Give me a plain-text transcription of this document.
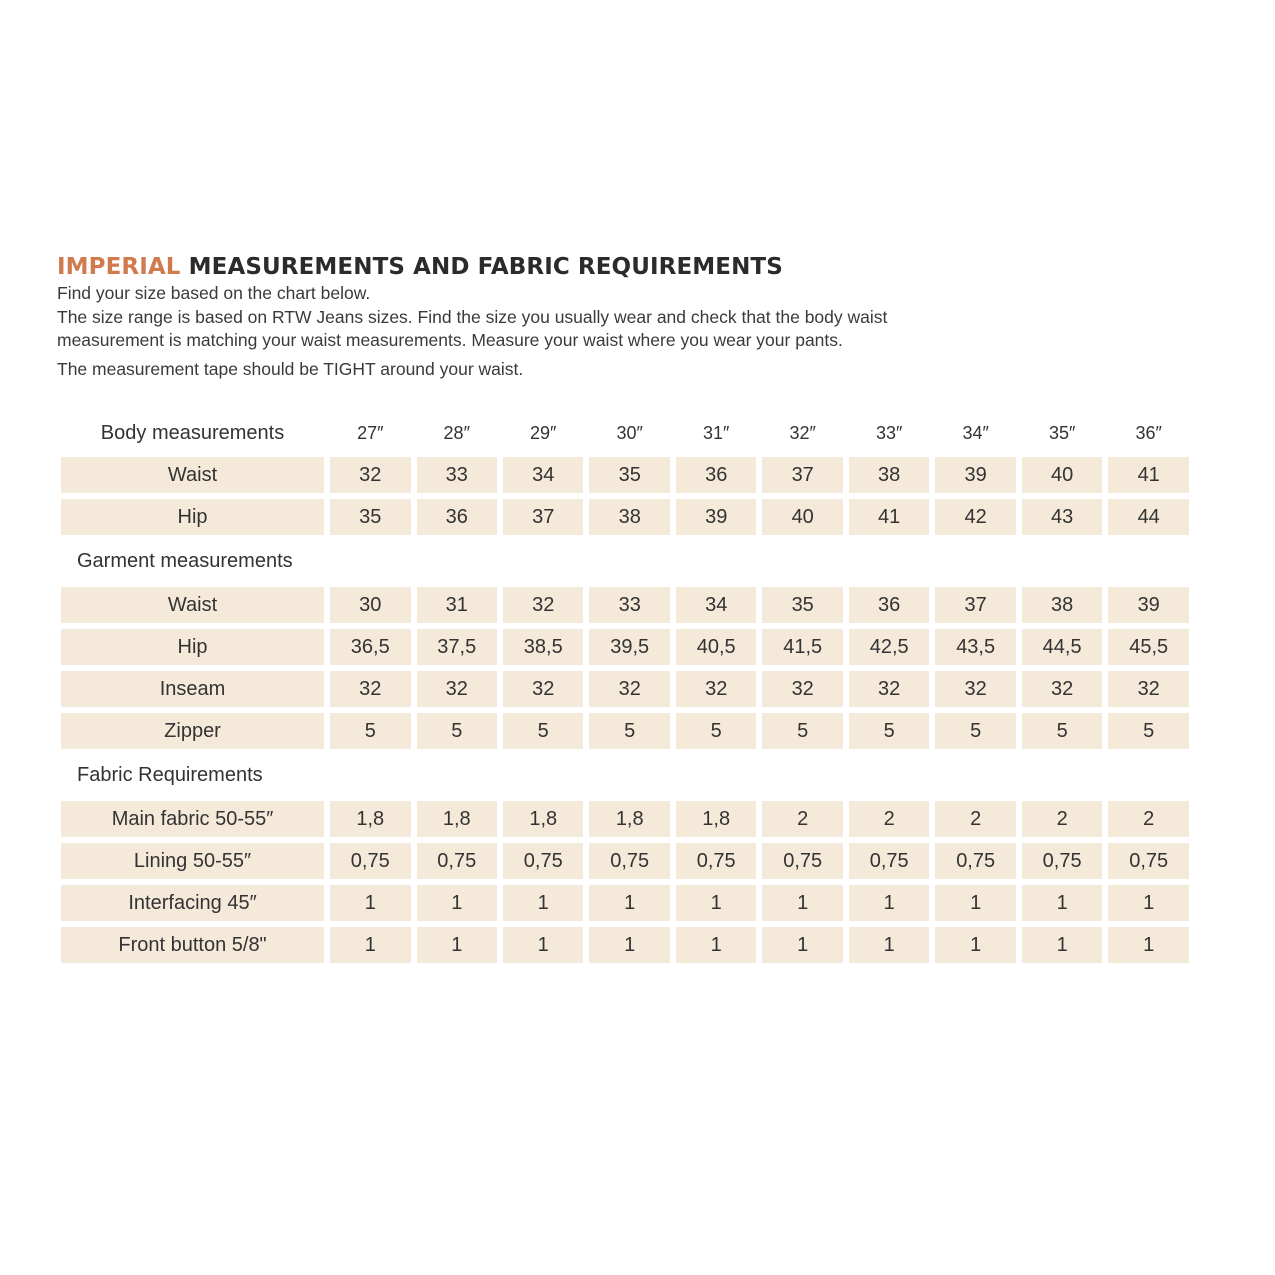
IMPERIAL MEASUREMENTS AND FABRIC REQUIREMENTS

Find your size based on the chart below.

The size range is based on RTW Jeans sizes. Find the size you usually wear and check that the body waist

measurement is matching your waist measurements. Measure your waist where you wear your pants.

The measurement tape should be TIGHT around your waist.

Body measurements	27″	28″	29″	30″	31″	32″	33″	34″	35″	36″
Waist	32	33	34	35	36	37	38	39	40	41
Hip	35	36	37	38	39	40	41	42	43	44
Garment measurements										
Waist	30	31	32	33	34	35	36	37	38	39
Hip	36,5	37,5	38,5	39,5	40,5	41,5	42,5	43,5	44,5	45,5
Inseam	32	32	32	32	32	32	32	32	32	32
Zipper	5	5	5	5	5	5	5	5	5	5
Fabric Requirements										
Main fabric 50-55″	1,8	1,8	1,8	1,8	1,8	2	2	2	2	2
Lining 50-55″	0,75	0,75	0,75	0,75	0,75	0,75	0,75	0,75	0,75	0,75
Interfacing 45″	1	1	1	1	1	1	1	1	1	1
Front button 5/8"	1	1	1	1	1	1	1	1	1	1
